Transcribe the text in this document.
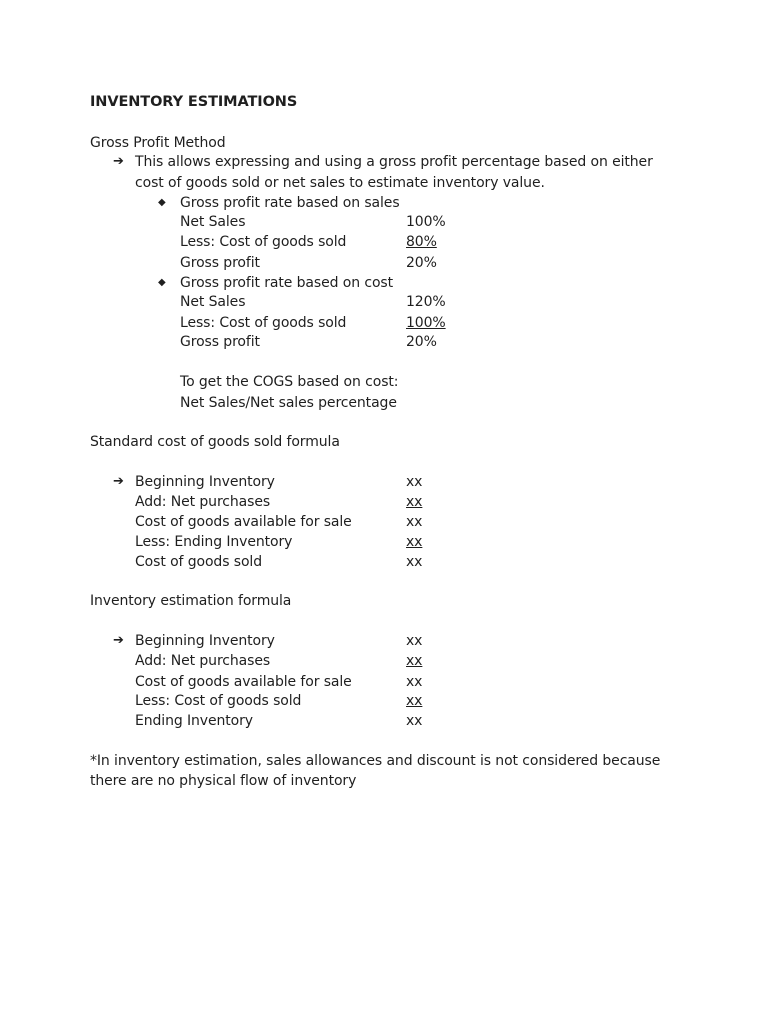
INVENTORY ESTIMATIONS
Gross Profit Method
➔ This allows expressing and using a gross profit percentage based on either
cost of goods sold or net sales to estimate inventory value.
◆ Gross profit rate based on sales
Net Sales	100%
Less: Cost of goods sold	80%
Gross profit	20%
◆ Gross profit rate based on cost
Net Sales	120%
Less: Cost of goods sold	100%
Gross profit	20%
To get the COGS based on cost:
Net Sales/Net sales percentage
Standard cost of goods sold formula
➔ Beginning Inventory	xx
Add: Net purchases	xx
Cost of goods available for sale	xx
Less: Ending Inventory	xx
Cost of goods sold	xx
Inventory estimation formula
➔ Beginning Inventory	xx
Add: Net purchases	xx
Cost of goods available for sale	xx
Less: Cost of goods sold	xx
Ending Inventory	xx
*In inventory estimation, sales allowances and discount is not considered because
there are no physical flow of inventory
